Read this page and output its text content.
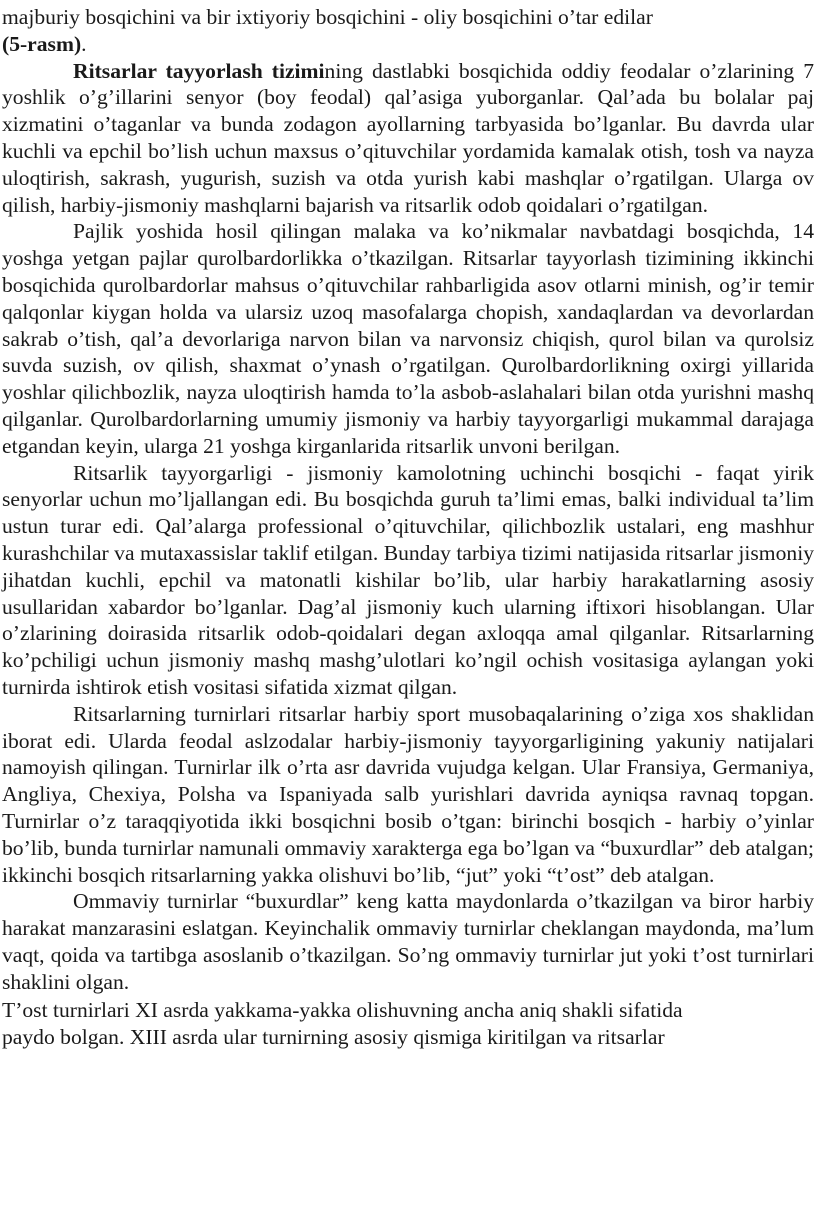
majburiy bosqichini va bir ixtiyoriy bosqichini - oliy bosqichini o’tar edilar
(5-rasm).

Ritsarlar tayyorlash tizimining dastlabki bosqichida oddiy feodalar o’zlarining 7 yoshlik o’g’illarini senyor (boy feodal) qal’asiga yuborganlar. Qal’ada bu bolalar paj xizmatini o’taganlar va bunda zodagon ayollarning tarbyasida bo’lganlar. Bu davrda ular kuchli va epchil bo’lish uchun maxsus o’qituvchilar yordamida kamalak otish, tosh va nayza uloqtirish, sakrash, yugurish, suzish va otda yurish kabi mashqlar o’rgatilgan. Ularga ov qilish, harbiy-jismoniy mashqlarni bajarish va ritsarlik odob qoidalari o’rgatilgan.

Pajlik yoshida hosil qilingan malaka va ko’nikmalar navbatdagi bosqichda, 14 yoshga yetgan pajlar qurolbardorlikka o’tkazilgan. Ritsarlar tayyorlash tizimining ikkinchi bosqichida qurolbardorlar mahsus o’qituvchilar rahbarligida asov otlarni minish, og’ir temir qalqonlar kiygan holda va ularsiz uzoq masofalarga chopish, xandaqlardan va devorlardan sakrab o’tish, qal’a devorlariga narvon bilan va narvonsiz chiqish, qurol bilan va qurolsiz suvda suzish, ov qilish, shaxmat o’ynash o’rgatilgan. Qurolbardorlikning oxirgi yillarida yoshlar qilichbozlik, nayza uloqtirish hamda to’la asbob-aslahalari bilan otda yurishni mashq qilganlar. Qurolbardorlarning umumiy jismoniy va harbiy tayyorgarligi mukammal darajaga etgandan keyin, ularga 21 yoshga kirganlarida ritsarlik unvoni berilgan.

Ritsarlik tayyorgarligi - jismoniy kamolotning uchinchi bosqichi - faqat yirik senyorlar uchun mo’ljallangan edi. Bu bosqichda guruh ta’limi emas, balki individual ta’lim ustun turar edi. Qal’alarga professional o’qituvchilar, qilichbozlik ustalari, eng mashhur kurashchilar va mutaxassislar taklif etilgan. Bunday tarbiya tizimi natijasida ritsarlar jismoniy jihatdan kuchli, epchil va matonatli kishilar bo’lib, ular harbiy harakatlarning asosiy usullaridan xabardor bo’lganlar. Dag’al jismoniy kuch ularning iftixori hisoblangan. Ular o’zlarining doirasida ritsarlik odob-qoidalari degan axloqqa amal qilganlar. Ritsarlarning ko’pchiligi uchun jismoniy mashq mashg’ulotlari ko’ngil ochish vositasiga aylangan yoki turnirda ishtirok etish vositasi sifatida xizmat qilgan.

Ritsarlarning turnirlari ritsarlar harbiy sport musobaqalarining o’ziga xos shaklidan iborat edi. Ularda feodal aslzodalar harbiy-jismoniy tayyorgarligining yakuniy natijalari namoyish qilingan. Turnirlar ilk o’rta asr davrida vujudga kelgan. Ular Fransiya, Germaniya, Angliya, Chexiya, Polsha va Ispaniyada salb yurishlari davrida ayniqsa ravnaq topgan. Turnirlar o’z taraqqiyotida ikki bosqichni bosib o’tgan: birinchi bosqich - harbiy o’yinlar bo’lib, bunda turnirlar namunali ommaviy xarakterga ega bo’lgan va “buxurdlar” deb atalgan; ikkinchi bosqich ritsarlarning yakka olishuvi bo’lib, “jut” yoki “t’ost” deb atalgan.

Ommaviy turnirlar “buxurdlar” keng katta maydonlarda o’tkazilgan va biror harbiy harakat manzarasini eslatgan. Keyinchalik ommaviy turnirlar cheklangan maydonda, ma’lum vaqt, qoida va tartibga asoslanib o’tkazilgan. So’ng ommaviy turnirlar jut yoki t’ost turnirlari shaklini olgan.

T’ost turnirlari XI asrda yakkama-yakka olishuvning ancha aniq shakli sifatida
paydo bolgan. XIII asrda ular turnirning asosiy qismiga kiritilgan va ritsarlar
